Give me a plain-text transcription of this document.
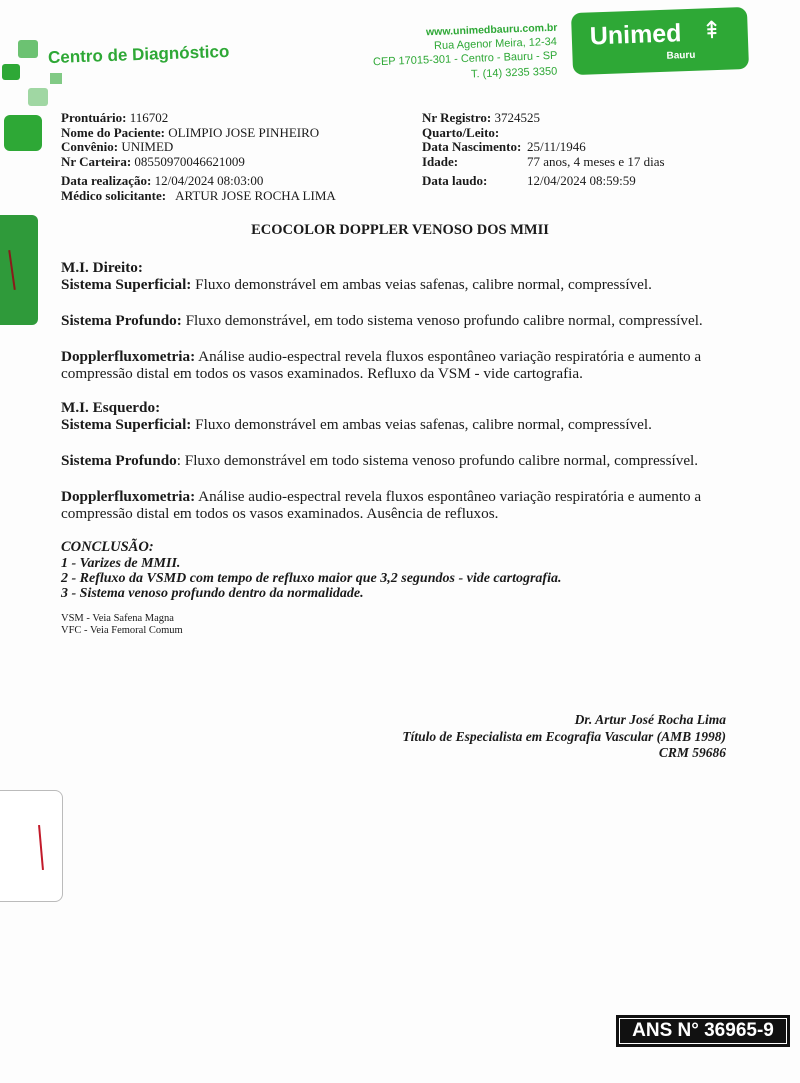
Centro de Diagnóstico
www.unimedbauru.com.br
Rua Agenor Meira, 12-34
CEP 17015-301 - Centro - Bauru - SP
T. (14) 3235 3350
Unimed ⇞
Bauru
Prontuário: 116702
Nome do Paciente: OLIMPIO JOSE PINHEIRO
Convênio: UNIMED
Nr Carteira: 08550970046621009
Data realização: 12/04/2024 08:03:00
Médico solicitante: ARTUR JOSE ROCHA LIMA
Nr Registro: 3724525
Quarto/Leito:
Data Nascimento: 25/11/1946
Idade:	77 anos, 4 meses e 17 dias
Data laudo:	12/04/2024 08:59:59
ECOCOLOR DOPPLER VENOSO DOS MMII
M.I. Direito:
Sistema Superficial: Fluxo demonstrável em ambas veias safenas, calibre normal, compressível.
Sistema Profundo: Fluxo demonstrável, em todo sistema venoso profundo calibre normal, compressível.
Dopplerfluxometria: Análise audio-espectral revela fluxos espontâneo variação respiratória e aumento a
compressão distal em todos os vasos examinados. Refluxo da VSM - vide cartografia.
M.I. Esquerdo:
Sistema Superficial: Fluxo demonstrável em ambas veias safenas, calibre normal, compressível.
Sistema Profundo: Fluxo demonstrável em todo sistema venoso profundo calibre normal, compressível.
Dopplerfluxometria: Análise audio-espectral revela fluxos espontâneo variação respiratória e aumento a
compressão distal em todos os vasos examinados. Ausência de refluxos.
CONCLUSÃO:
1 - Varizes de MMII.
2 - Refluxo da VSMD com tempo de refluxo maior que 3,2 segundos - vide cartografia.
3 - Sistema venoso profundo dentro da normalidade.
VSM - Veia Safena Magna
VFC - Veia Femoral Comum
Dr. Artur José Rocha Lima
Título de Especialista em Ecografia Vascular (AMB 1998)
CRM 59686
ANS N° 36965-9
